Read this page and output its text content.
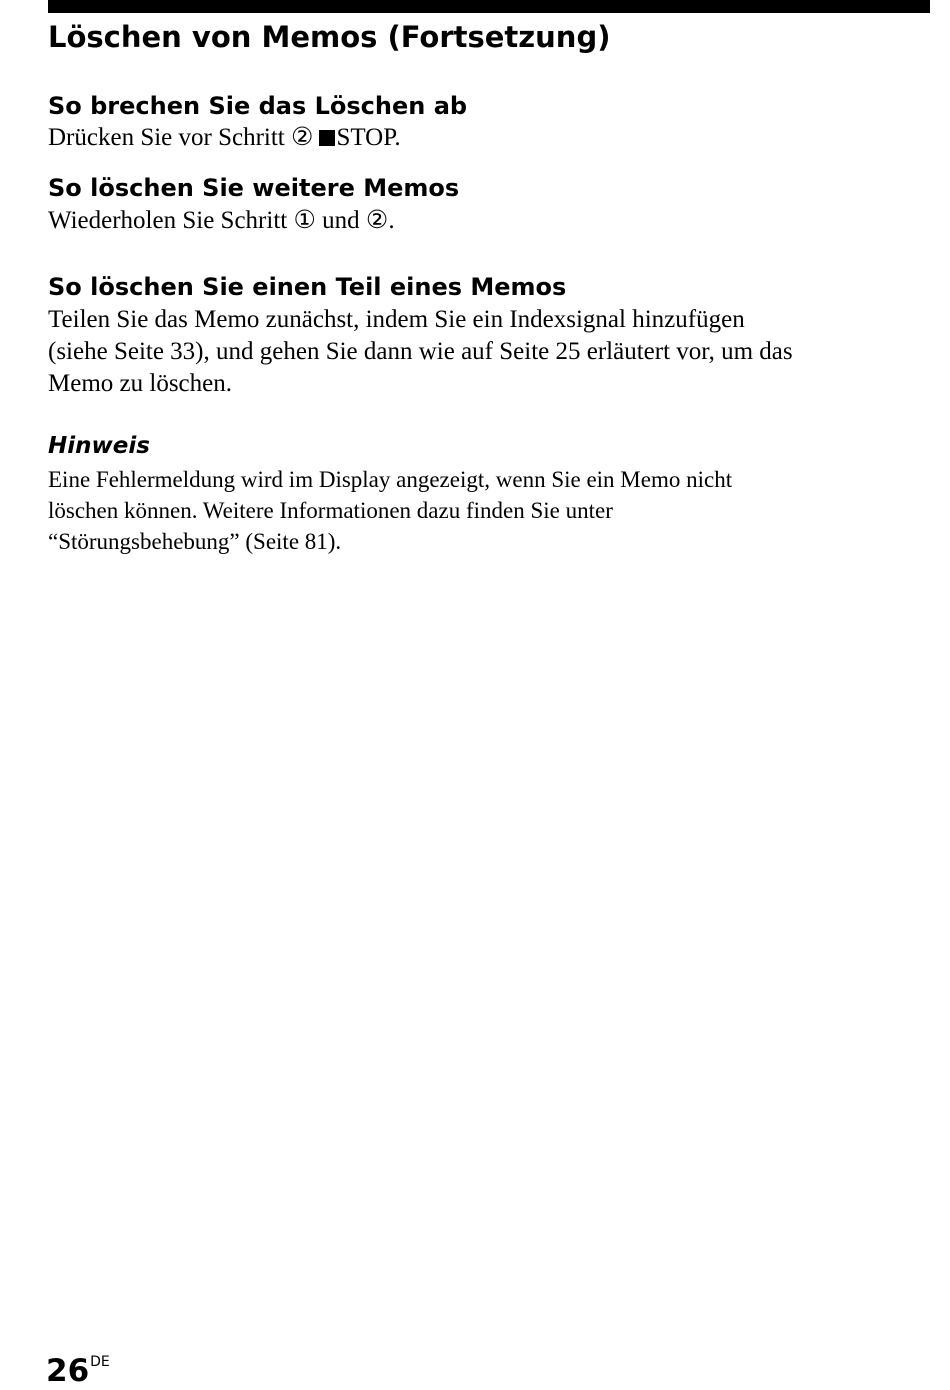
Löschen von Memos (Fortsetzung)
So brechen Sie das Löschen ab

Drücken Sie vor Schritt ② STOP.

So löschen Sie weitere Memos

Wiederholen Sie Schritt ① und ②.

So löschen Sie einen Teil eines Memos
Teilen Sie das Memo zunächst, indem Sie ein Indexsignal hinzufügen
(siehe Seite 33), und gehen Sie dann wie auf Seite 25 erläutert vor, um das
Memo zu löschen.
Hinweis
Eine Fehlermeldung wird im Display angezeigt, wenn Sie ein Memo nicht
löschen können. Weitere Informationen dazu finden Sie unter
“Störungsbehebung” (Seite 81).
26DE
